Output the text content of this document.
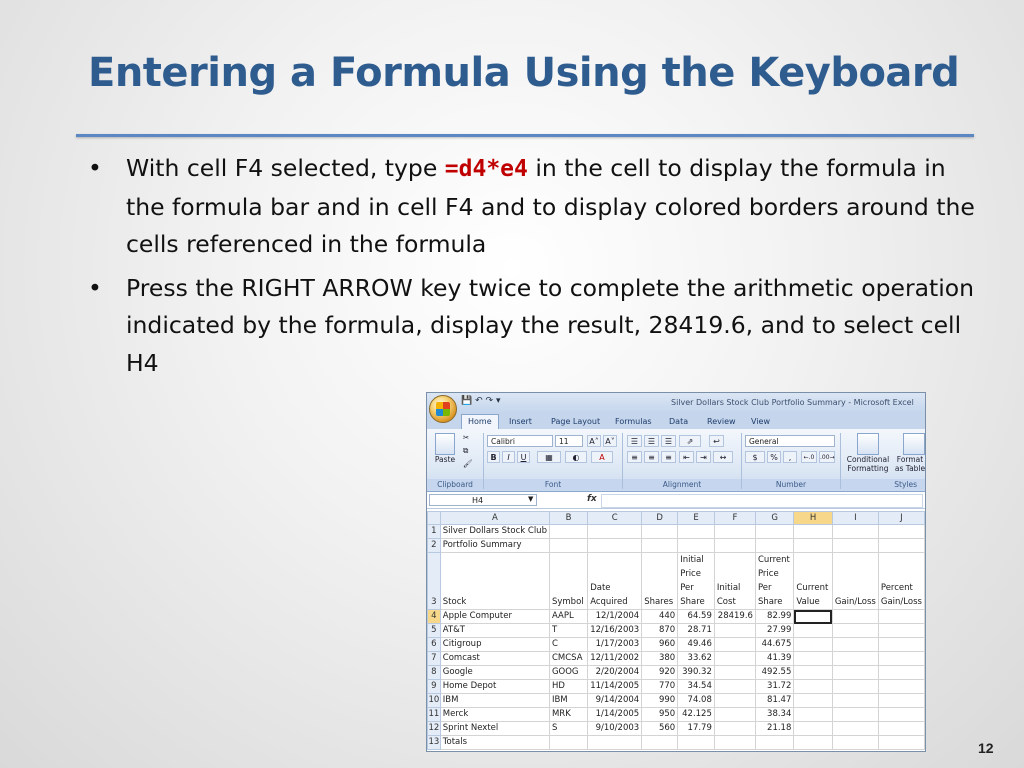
Entering a Formula Using the Keyboard
• With cell F4 selected, type =d4*e4 in the cell to display the formula in the formula bar and in cell F4 and to display colored borders around the cells referenced in the formula
• Press the RIGHT ARROW key twice to complete the arithmetic operation indicated by the formula, display the result, 28419.6, and to select cell H4
💾 ↶ ↷ ▾	Silver Dollars Stock Club Portfolio Summary - Microsoft Excel
Home	Insert Page Layout Formulas Data Review View
Paste
✂
⧉
🖌
Clipboard
Calibri	11	A˄ A˅
B	I	U	▦	◐	A
Font
☰	☰	☰	⇗	↩
≡	≡	≡	⇤	⇥	↔
Alignment
General
$	%	,	←.0 .00→
Number
Conditional Formatting
Format as Table
Styles
H4	▼	fx
	A	B	C	D	E	F	G	H	I	J
1	Silver Dollars Stock Club									
2	Portfolio Summary									
3	Stock	Symbol	Date Acquired	Shares	Initial Price Per Share	Initial Cost	Current Price Per Share	Current Value	Gain/Loss	Percent Gain/Loss
4	Apple Computer	AAPL	12/1/2004	440	64.59	28419.6	82.99			
5	AT&T	T	12/16/2003	870	28.71		27.99			
6	Citigroup	C	1/17/2003	960	49.46		44.675			
7	Comcast	CMCSA	12/11/2002	380	33.62		41.39			
8	Google	GOOG	2/20/2004	920	390.32		492.55			
9	Home Depot	HD	11/14/2005	770	34.54		31.72			
10	IBM	IBM	9/14/2004	990	74.08		81.47			
11	Merck	MRK	1/14/2005	950	42.125		38.34			
12	Sprint Nextel	S	9/10/2003	560	17.79		21.18			
13	Totals										12
